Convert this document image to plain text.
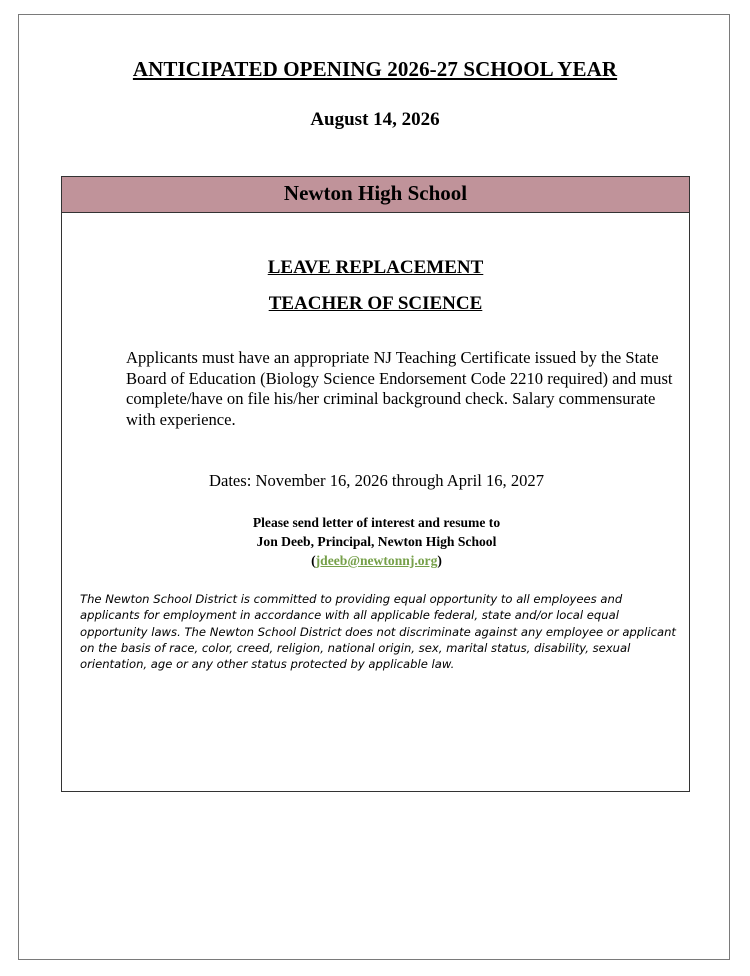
ANTICIPATED OPENING 2026-27 SCHOOL YEAR
August 14, 2026
Newton High School
LEAVE REPLACEMENT
TEACHER OF SCIENCE
Applicants must have an appropriate NJ Teaching Certificate issued by the State Board of Education (Biology Science Endorsement Code 2210 required) and must complete/have on file his/her criminal background check. Salary commensurate with experience.
Dates: November 16, 2026 through April 16, 2027
Please send letter of interest and resume to
Jon Deeb, Principal, Newton High School
(jdeeb@newtonnj.org)
The Newton School District is committed to providing equal opportunity to all employees and applicants for employment in accordance with all applicable federal, state and/or local equal opportunity laws. The Newton School District does not discriminate against any employee or applicant on the basis of race, color, creed, religion, national origin, sex, marital status, disability, sexual orientation, age or any other status protected by applicable law.
